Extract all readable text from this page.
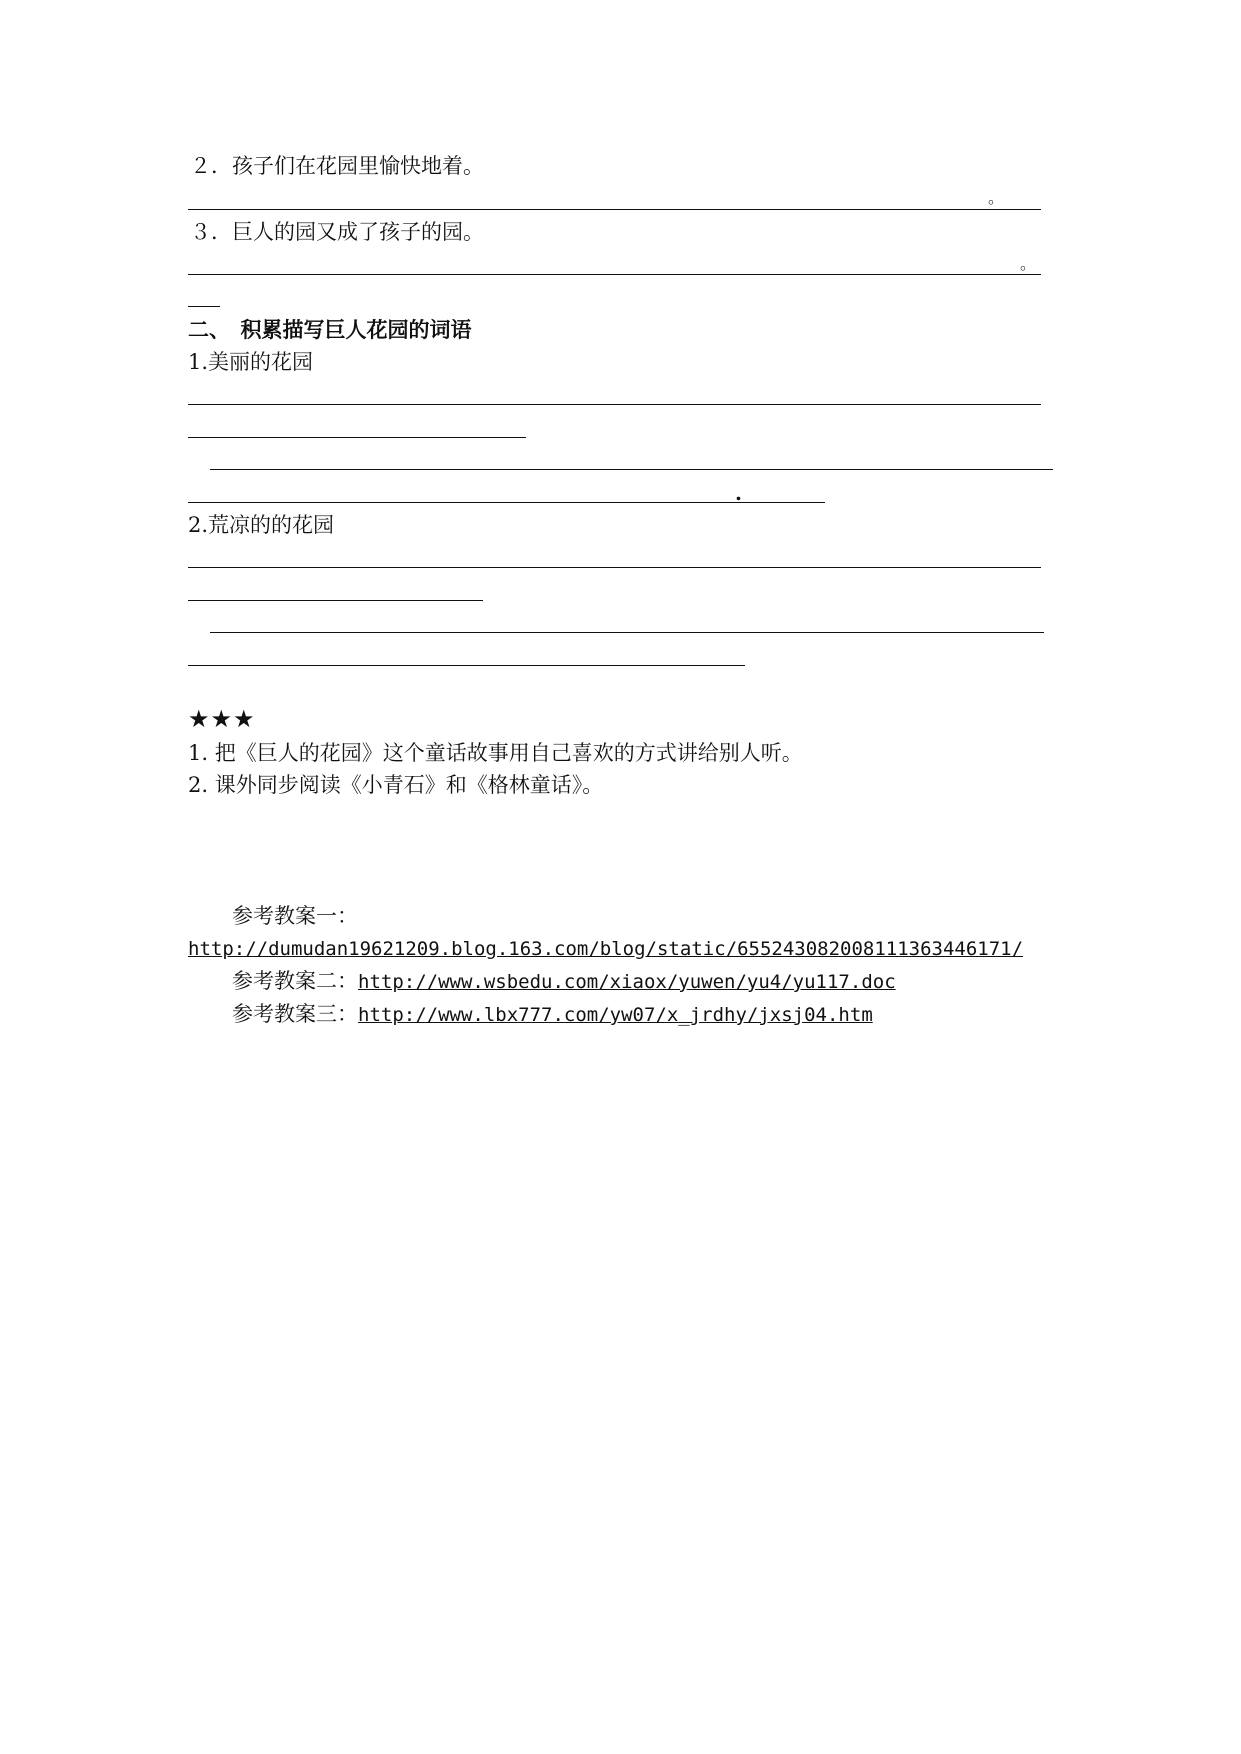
２．孩子们在花园里愉快地着。
。
３．巨人的园又成了孩子的园。
。
二、　积累描写巨人花园的词语
1.美丽的花园
.
2.荒凉的的花园
★★★
1. 把《巨人的花园》这个童话故事用自己喜欢的方式讲给别人听。
2. 课外同步阅读《小青石》和《格林童话》。
参考教案一：
http://dumudan19621209.blog.163.com/blog/static/6552430820081113634461​71/
参考教案二：http://www.wsbedu.com/xiaox/yuwen/yu4/yu117.doc
参考教案三：http://www.lbx777.com/yw07/x_jrdhy/jxsj04.htm
